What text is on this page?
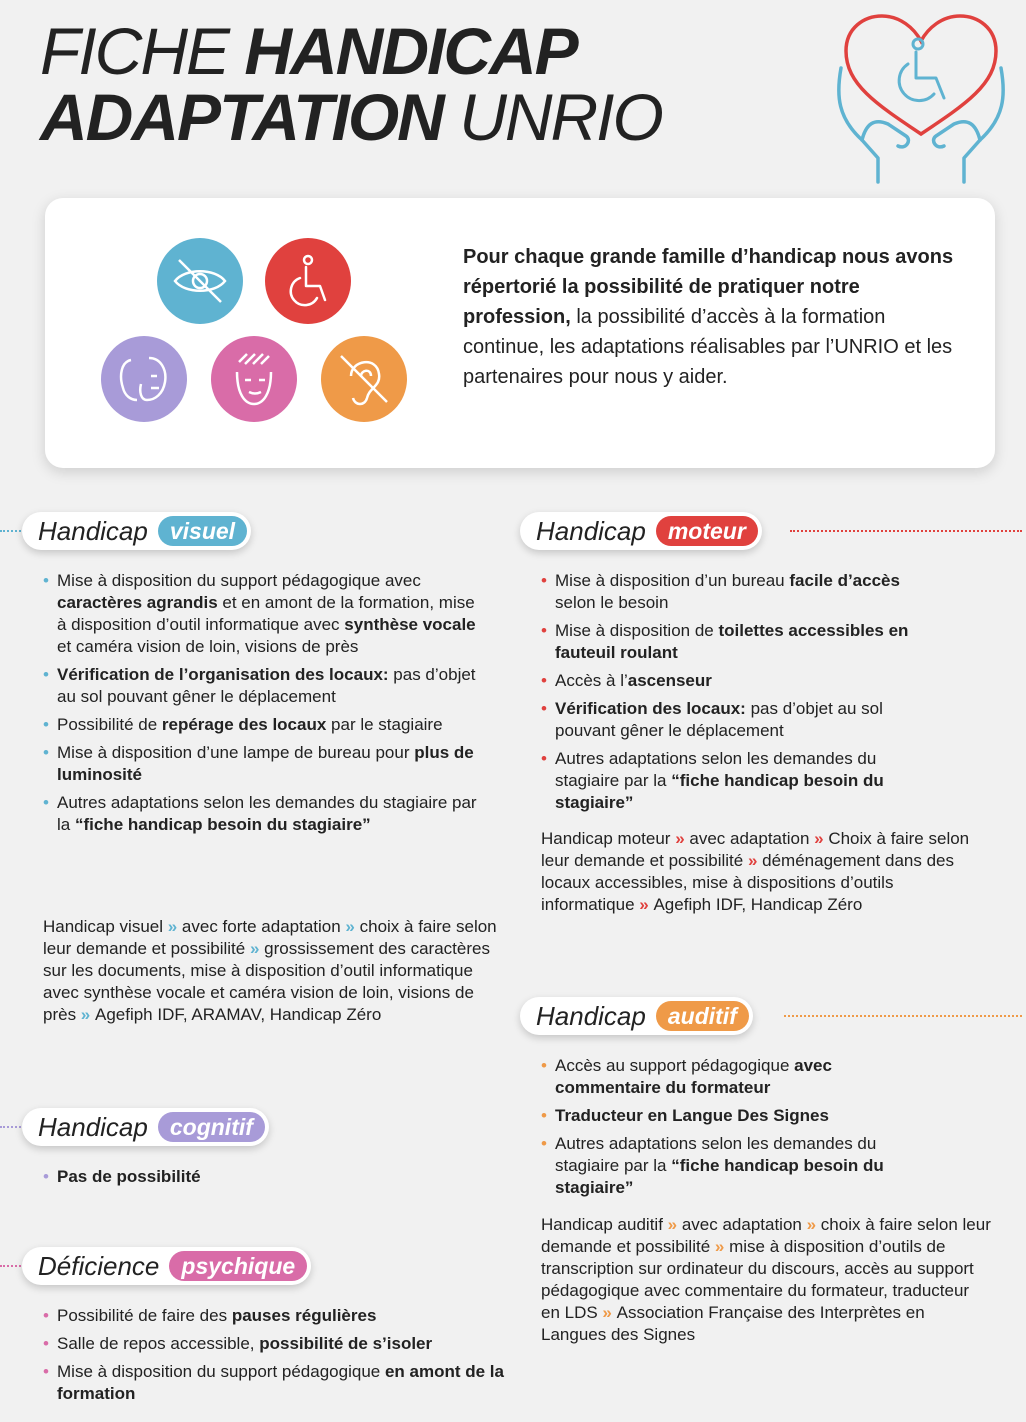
FICHE HANDICAP
ADAPTATION UNRIO
Pour chaque grande famille d’handicap nous avons répertorié la possibilité de pratiquer notre profession, la possibilité d’accès à la formation continue, les adaptations réalisables par l’UNRIO et les partenaires pour nous y aider.
Handicap visuel
• Mise à disposition du support pédagogique avec caractères agrandis et en amont de la formation, mise à disposition d’outil informatique avec synthèse vocale et caméra vision de loin, visions de près
• Vérification de l’organisation des locaux: pas d’objet au sol pouvant gêner le déplacement
• Possibilité de repérage des locaux par le stagiaire
• Mise à disposition d’une lampe de bureau pour plus de luminosité
• Autres adaptations selon les demandes du stagiaire par la “fiche handicap besoin du stagiaire”

Handicap visuel » avec forte adaptation » choix à faire selon leur demande et possibilité » grossissement des caractères sur les documents, mise à disposition d’outil informatique avec synthèse vocale et caméra vision de loin, visions de près » Agefiph IDF, ARAMAV, Handicap Zéro

Handicap moteur
• Mise à disposition d’un bureau facile d’accès selon le besoin
• Mise à disposition de toilettes accessibles en fauteuil roulant
• Accès à l’ascenseur
• Vérification des locaux: pas d’objet au sol pouvant gêner le déplacement
• Autres adaptations selon les demandes du stagiaire par la “fiche handicap besoin du stagiaire”

Handicap moteur » avec adaptation » Choix à faire selon leur demande et possibilité » déménagement dans des locaux accessibles, mise à dispositions d’outils informatique » Agefiph IDF, Handicap Zéro

Handicap auditif
• Accès au support pédagogique avec commentaire du formateur
• Traducteur en Langue Des Signes
• Autres adaptations selon les demandes du stagiaire par la “fiche handicap besoin du stagiaire”

Handicap auditif » avec adaptation » choix à faire selon leur demande et possibilité » mise à disposition d’outils de transcription sur ordinateur du discours, accès au support pédagogique avec commentaire du formateur, traducteur en LDS » Association Française des Interprètes en Langues des Signes

Handicap cognitif
• Pas de possibilité
Déficience psychique
• Possibilité de faire des pauses régulières
• Salle de repos accessible, possibilité de s’isoler
• Mise à disposition du support pédagogique en amont de la formation
